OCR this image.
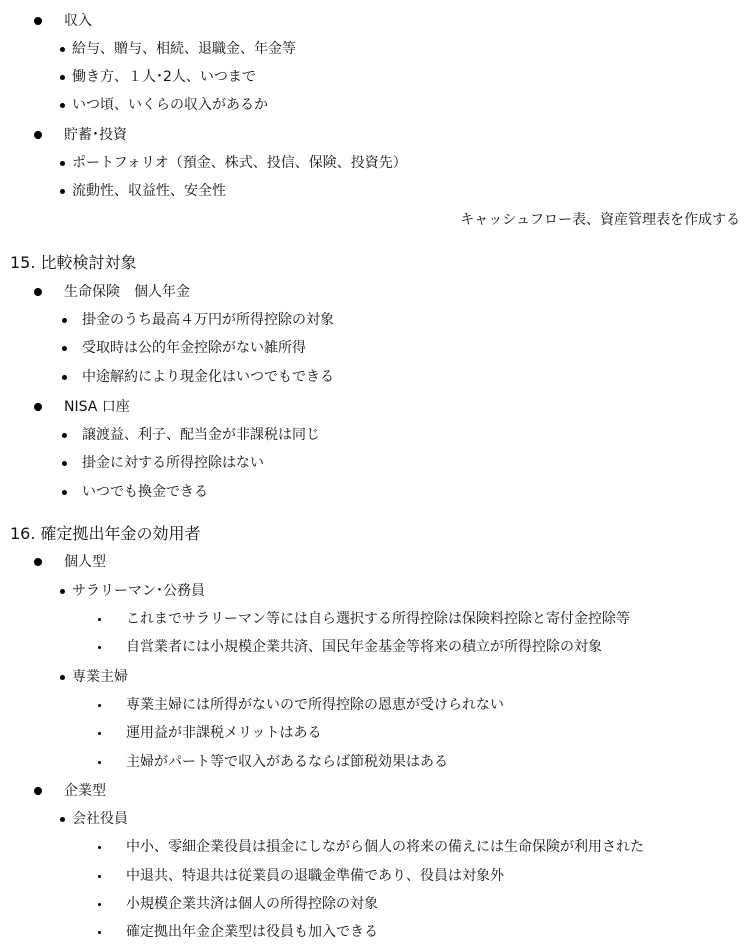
収入
給与、贈与、相続、退職金、年金等
働き方、１人･2人、いつまで
いつ頃、いくらの収入があるか
貯蓄･投資
ポートフォリオ（預金、株式、投信、保険、投資先）
流動性、収益性、安全性
キャッシュフロー表、資産管理表を作成する
15. 比較検討対象
生命保険　個人年金
掛金のうち最高４万円が所得控除の対象
受取時は公的年金控除がない雑所得
中途解約により現金化はいつでもできる
NISA 口座
譲渡益、利子、配当金が非課税は同じ
掛金に対する所得控除はない
いつでも換金できる
16. 確定拠出年金の効用者
個人型
サラリーマン･公務員
これまでサラリーマン等には自ら選択する所得控除は保険料控除と寄付金控除等
自営業者には小規模企業共済、国民年金基金等将来の積立が所得控除の対象
専業主婦
専業主婦には所得がないので所得控除の恩恵が受けられない
運用益が非課税メリットはある
主婦がパート等で収入があるならば節税効果はある
企業型
会社役員
中小、零細企業役員は損金にしながら個人の将来の備えには生命保険が利用された
中退共、特退共は従業員の退職金準備であり、役員は対象外
小規模企業共済は個人の所得控除の対象
確定拠出年金企業型は役員も加入できる
